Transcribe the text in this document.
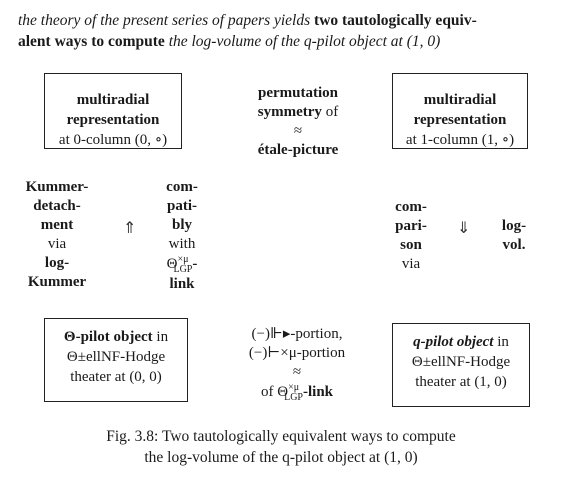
the theory of the present series of papers yields two tautologically equiv-
alent ways to compute the log-volume of the q-pilot object at (1, 0)
multiradial
representation
at 0-column (0, ∘)
permutation
symmetry of
≈
étale-picture
multiradial
representation
at 1-column (1, ∘)
Kummer-
detach-
ment
via
log-
Kummer
⇑
com-
pati-
bly
with
$\Theta^{\times\mu}_{LGP}-$
link
com-
pari-
son
via
⇓	log-
vol.
Θ-pilot object in
Θ±ellNF-Hodge
theater at (0, 0)
(−)⊩▸-portion,
(−)⊢×μ-portion
≈
of $\Theta^{\times\mu}_{LGP}$-link
q-pilot object in
Θ±ellNF-Hodge
theater at (1, 0)
Fig. 3.8: Two tautologically equivalent ways to compute
the log-volume of the q-pilot object at (1, 0)
